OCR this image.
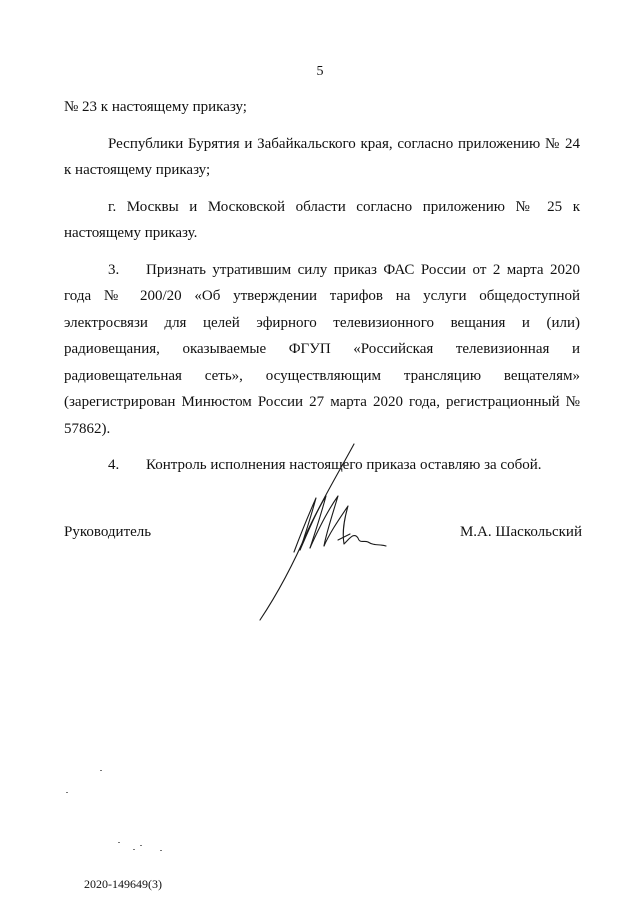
5

№ 23 к настоящему приказу;

Республики Бурятия и Забайкальского края, согласно приложению № 24 к настоящему приказу;

г. Москвы и Московской области согласно приложению № 25 к настоящему приказу.

3. Признать утратившим силу приказ ФАС России от 2 марта 2020 года № 200/20 «Об утверждении тарифов на услуги общедоступной электросвязи для целей эфирного телевизионного вещания и (или) радиовещания, оказываемые ФГУП «Российская телевизионная и радиовещательная сеть», осуществляющим трансляцию вещателям» (зарегистрирован Минюстом России 27 марта 2020 года, регистрационный № 57862).

4. Контроль исполнения настоящего приказа оставляю за собой.

Руководитель	М.А. Шаскольский
2020-149649(3)
